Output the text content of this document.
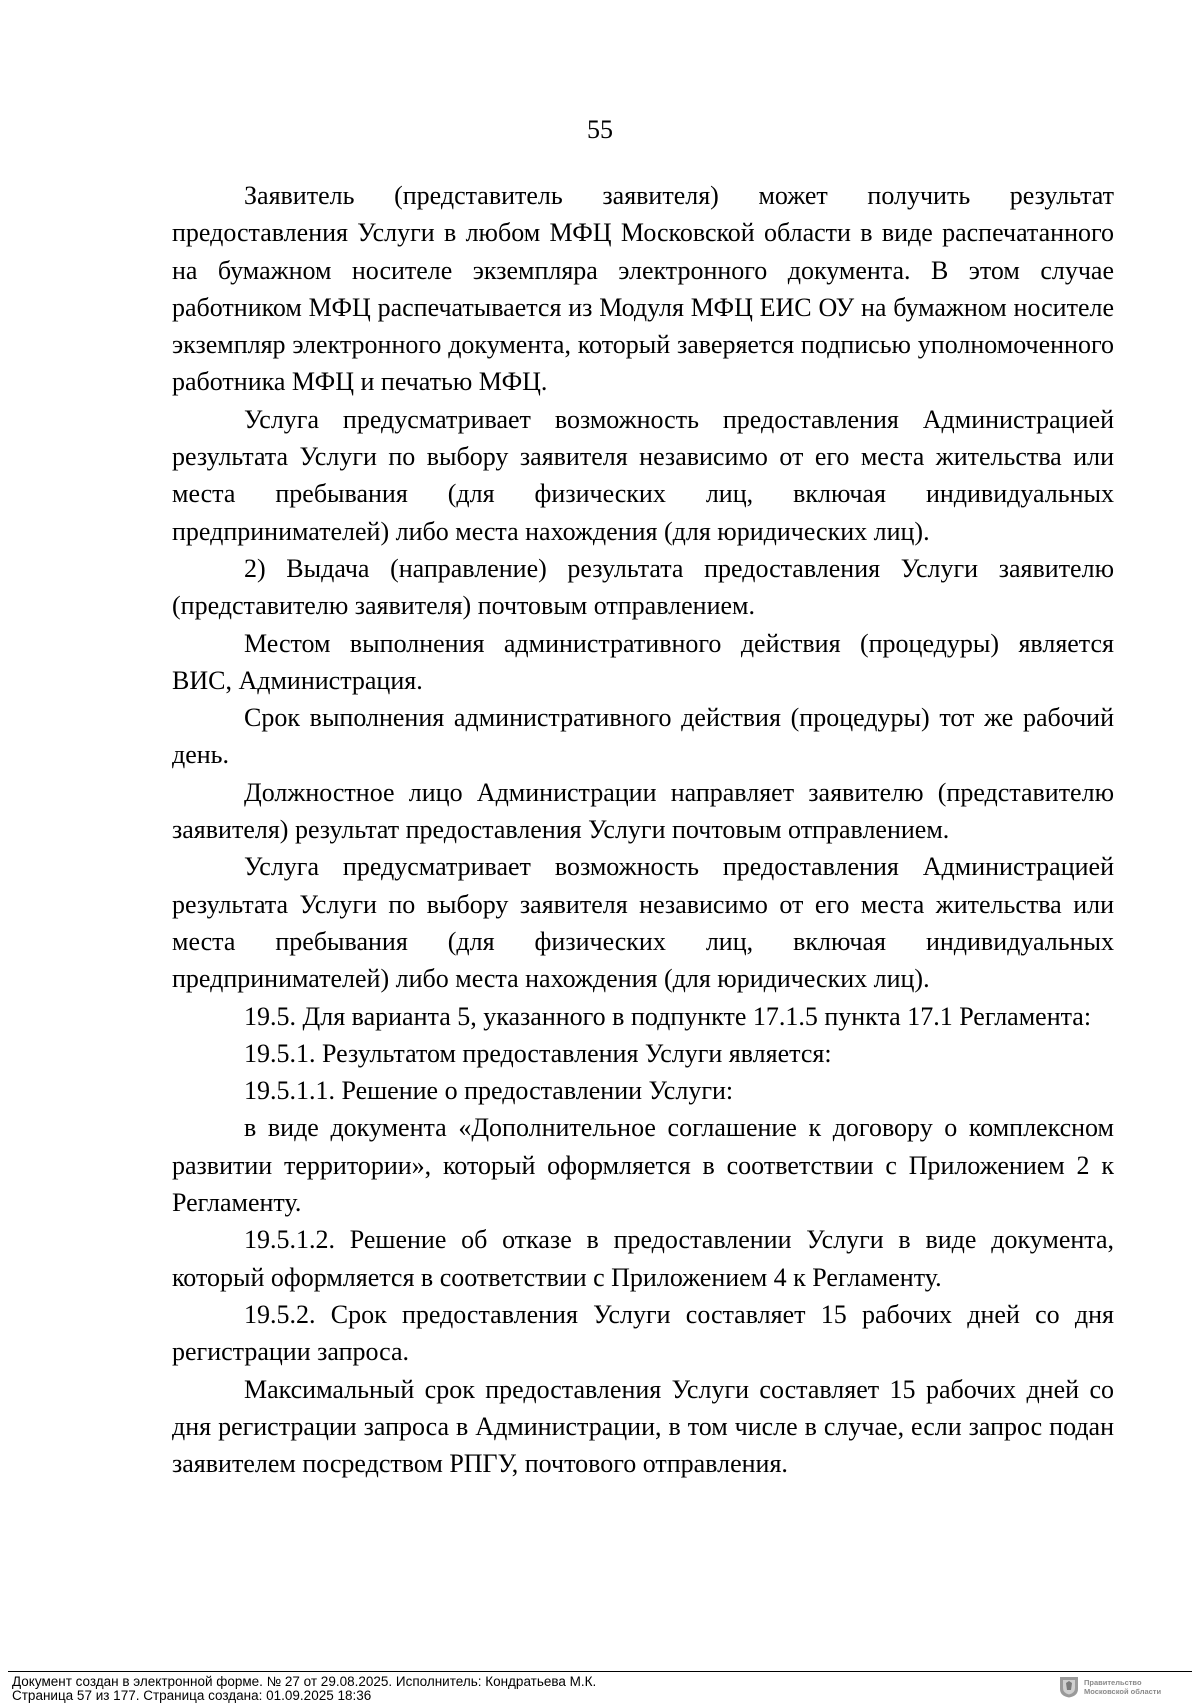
55

Заявитель (представитель заявителя) может получить результат предоставления Услуги в любом МФЦ Московской области в виде распечатанного на бумажном носителе экземпляра электронного документа. В этом случае работником МФЦ распечатывается из Модуля МФЦ ЕИС ОУ на бумажном носителе экземпляр электронного документа, который заверяется подписью уполномоченного работника МФЦ и печатью МФЦ.

Услуга предусматривает возможность предоставления Администрацией результата Услуги по выбору заявителя независимо от его места жительства или места пребывания (для физических лиц, включая индивидуальных предпринимателей) либо места нахождения (для юридических лиц).

2) Выдача (направление) результата предоставления Услуги заявителю (представителю заявителя) почтовым отправлением.

Местом выполнения административного действия (процедуры) является ВИС, Администрация.

Срок выполнения административного действия (процедуры) тот же рабочий день.

Должностное лицо Администрации направляет заявителю (представителю заявителя) результат предоставления Услуги почтовым отправлением.

Услуга предусматривает возможность предоставления Администрацией результата Услуги по выбору заявителя независимо от его места жительства или места пребывания (для физических лиц, включая индивидуальных предпринимателей) либо места нахождения (для юридических лиц).

19.5. Для варианта 5, указанного в подпункте 17.1.5 пункта 17.1 Регламента:

19.5.1. Результатом предоставления Услуги является:

19.5.1.1. Решение о предоставлении Услуги:

в виде документа «Дополнительное соглашение к договору о комплексном развитии территории», который оформляется в соответствии с Приложением 2 к Регламенту.

19.5.1.2. Решение об отказе в предоставлении Услуги в виде документа, который оформляется в соответствии с Приложением 4 к Регламенту.

19.5.2. Срок предоставления Услуги составляет 15 рабочих дней со дня регистрации запроса.

Максимальный срок предоставления Услуги составляет 15 рабочих дней со дня регистрации запроса в Администрации, в том числе в случае, если запрос подан заявителем посредством РПГУ, почтового отправления.

Документ создан в электронной форме. № 27 от 29.08.2025. Исполнитель: Кондратьева М.К.

Страница 57 из 177. Страница создана: 01.09.2025 18:36

Правительство
Московской области
